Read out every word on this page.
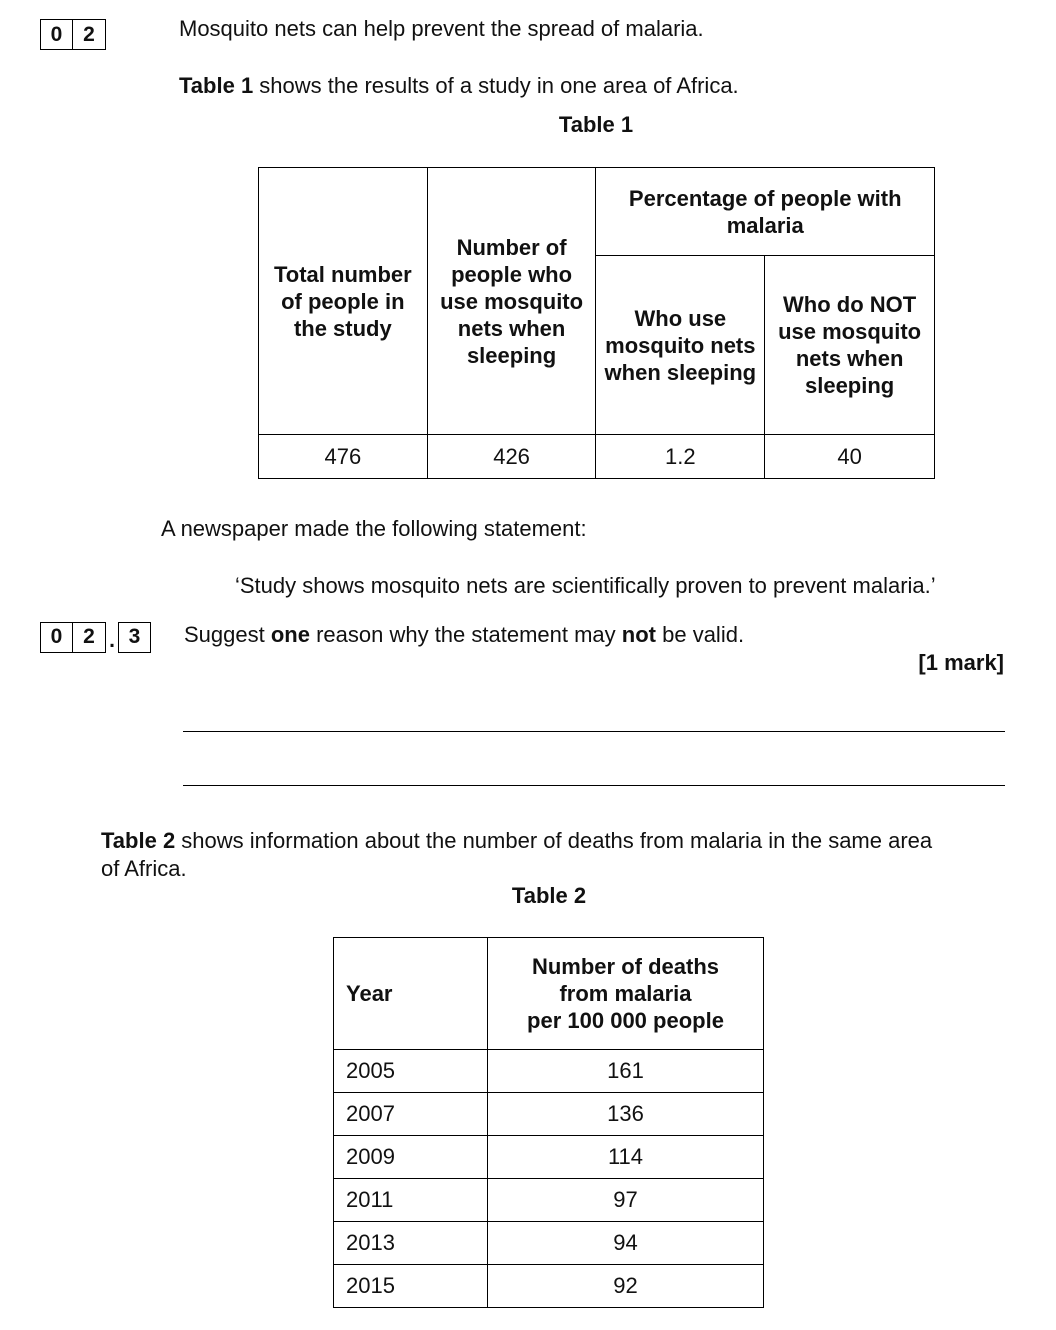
0 2	Mosquito nets can help prevent the spread of malaria.
Table 1 shows the results of a study in one area of Africa.
Table 1
Total number of people in the study	Number of people who use mosquito nets when sleeping	Percentage of people with malaria	
		Who use mosquito nets when sleeping	Who do NOT use mosquito nets when sleeping
476	426	1.2	40
A newspaper made the following statement:
‘Study shows mosquito nets are scientifically proven to prevent malaria.’
0 2 . 3	Suggest one reason why the statement may not be valid.
[1 mark]
Table 2 shows information about the number of deaths from malaria in the same area
of Africa.
Table 2
Year	Number of deaths
from malaria
per 100 000 people

2005	161
2007	136
2009	114
2011	97
2013	94
2015	92
